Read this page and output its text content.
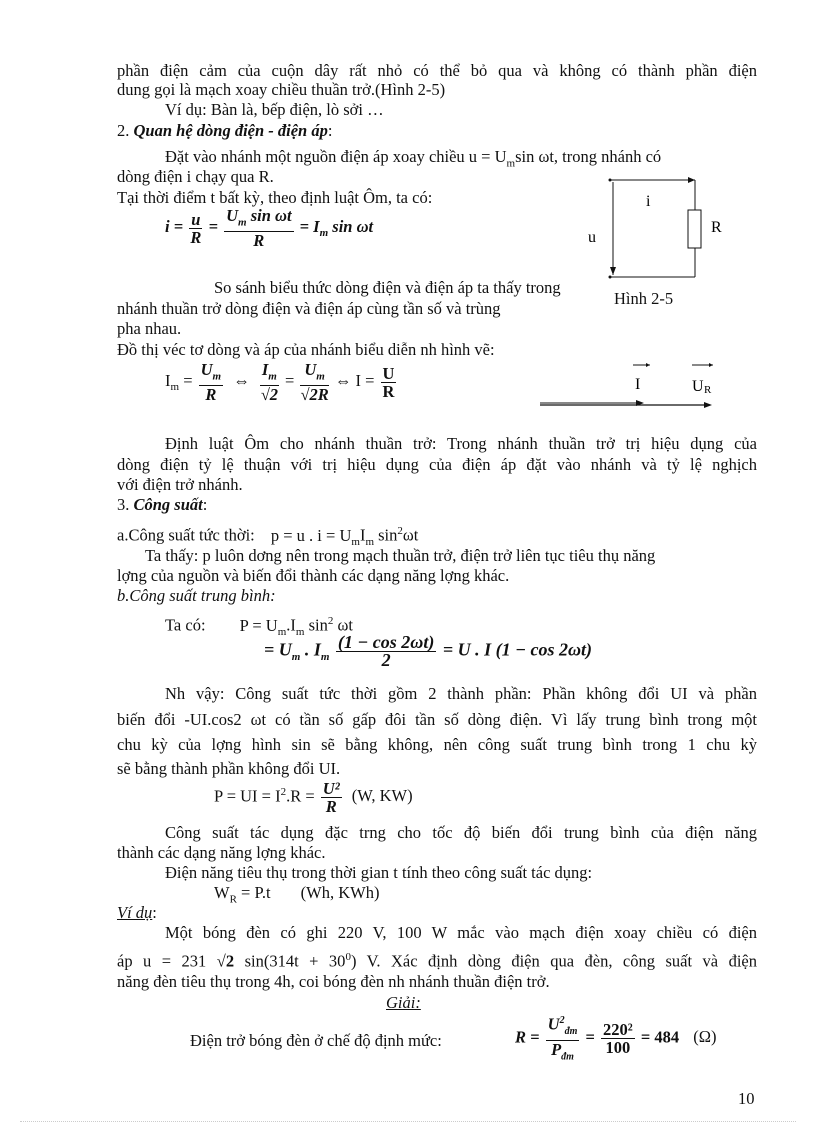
phần điện cảm của cuộn dây rất nhỏ có thể bỏ qua và không có thành phần điện
dung gọi là mạch xoay chiều thuần trở.(Hình 2-5)
Ví dụ: Bàn là, bếp điện, lò sởi …
2. Quan hệ dòng điện - điện áp:
Đặt vào nhánh một nguồn điện áp xoay chiều $u = U_m\sin$ ωt, trong nhánh có
dòng điện i chạy qua R.
Tại thời điểm t bất kỳ, theo định luật Ôm, ta có:
$i = \frac{u}{R} = \frac{U_m \sin \omega t}{R} = I_m$ sin ωt
i
u
R
Hình 2-5
So sánh biểu thức dòng điện và điện áp ta thấy trong
nhánh thuần trở dòng điện và điện áp cùng tần số và trùng
pha nhau.
Đồ thị véc tơ dòng và áp của nhánh biểu diễn nh hình vẽ:
$I_m = \frac{U_m}{R}$ ⇔ $\frac{I_m}{√2} = \frac{U_m}{√2R}$ ⇔ $I = \frac{U}{R}$	I	U R
Định luật Ôm cho nhánh thuần trở: Trong nhánh thuần trở trị hiệu dụng của
dòng điện tỷ lệ thuận với trị hiệu dụng của điện áp đặt vào nhánh và tỷ lệ nghịch
với điện trở nhánh.
3. Công suất:
a.Công suất tức thời: p = u . $i = U_mI_m$ $\sin^2\omega t$
Ta thấy: p luôn dơng nên trong mạch thuần trở, điện trở liên tục tiêu thụ năng
lợng của nguồn và biến đổi thành các dạng năng lợng khác.
b.Công suất trung bình:
Ta có: $P = U_m.I_m$ $\sin^2 \omega t$
= $U_m$ . $I_m \frac{(1 - \cos 2\omega t)}{2} = U$ . I (1 − cos 2ωt)
Nh vậy: Công suất tức thời gồm 2 thành phần: Phần không đổi UI và phần
biến đổi -UI.cos2 ωt có tần số gấp đôi tần số dòng điện. Vì lấy trung bình trong một
chu kỳ của lợng hình sin sẽ bằng không, nên công suất trung bình trong 1 chu kỳ
sẽ bằng thành phần không đổi UI.
P = UI = $I^2.R = \frac{\text{U²}}{R} (W$, KW)
Công suất tác dụng đặc trng cho tốc độ biến đổi trung bình của điện năng
thành các dạng năng lợng khác.
Điện năng tiêu thụ trong thời gian t tính theo công suất tác dụng:
$W_R = P.t$ (Wh, KWh)
Ví dụ:
Một bóng đèn có ghi 220 V, 100 W mắc vào mạch điện xoay chiều có điện
áp u = 231 √2 $\sin(314t + 30^0)$ V. Xác định dòng điện qua đèn, công suất và điện
năng đèn tiêu thụ trong 4h, coi bóng đèn nh nhánh thuần điện trở.
Giải:
Điện trở bóng đèn ở chế độ định mức:	$R = \frac{U^2_{đm}}{P_{đm}} = \frac{\text{220²}}{100} = 484$ (Ω)
10
